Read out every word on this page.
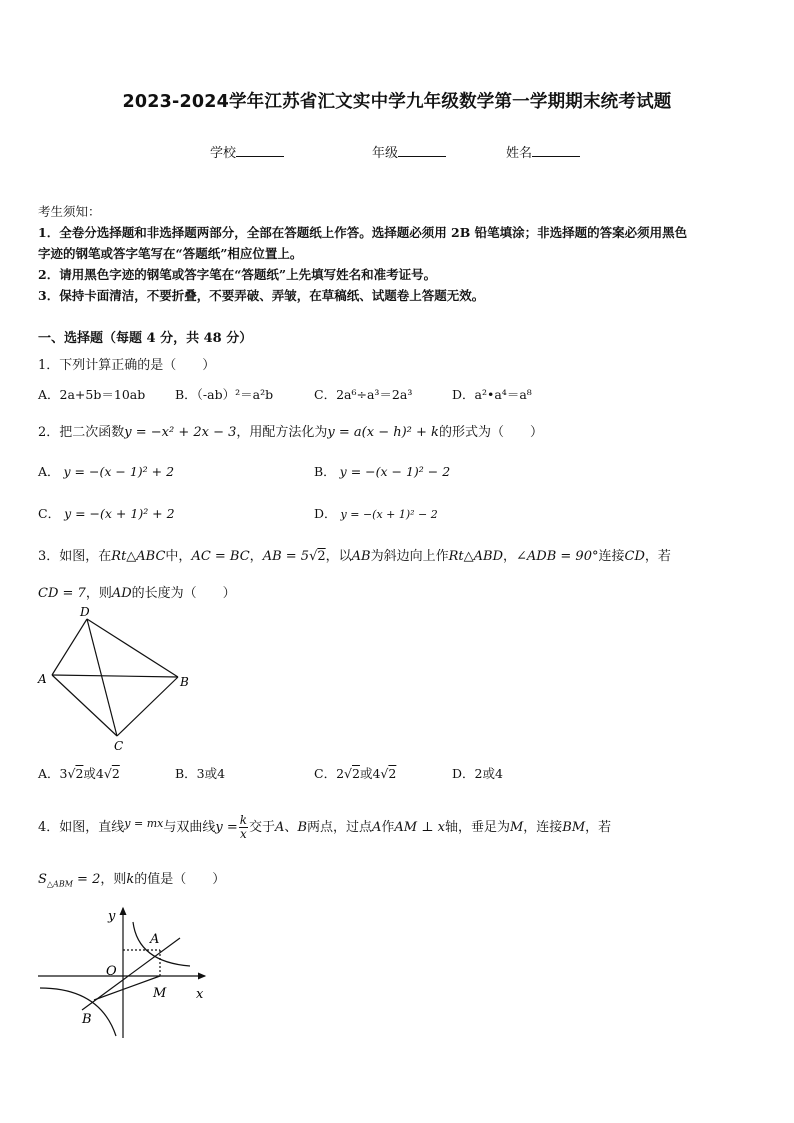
2023-2024学年江苏省汇文实中学九年级数学第一学期期末统考试题
学校	年级	姓名
考生须知：
1．全卷分选择题和非选择题两部分，全部在答题纸上作答。选择题必须用 2B 铅笔填涂；非选择题的答案必须用黑色
字迹的钢笔或答字笔写在“答题纸”相应位置上。
2．请用黑色字迹的钢笔或答字笔在“答题纸”上先填写姓名和准考证号。
3．保持卡面清洁，不要折叠，不要弄破、弄皱，在草稿纸、试题卷上答题无效。
一、选择题（每题 4 分，共 48 分）
1．下列计算正确的是（　　）
A．2a+5b＝10ab B．（-ab）²＝a²b	C．2a⁶÷a³＝2a³	D．a²•a⁴＝a⁸
2．把二次函数y = −x² + 2x − 3，用配方法化为y = a(x − h)² + k的形式为（　　）
A． y = −(x − 1)² + 2	B． y = −(x − 1)² − 2
C． y = −(x + 1)² + 2	D． y = −(x + 1)² − 2
3．如图，在Rt△ABC中，AC = BC，AB = 5√2，以AB为斜边向上作Rt△ABD，∠ADB = 90°连接CD，若
CD = 7，则AD的长度为（　　）
D
A	B
C
A．3√2或4√2	B．3或4	C．2√2或4√2	D．2或4
4．如图，直线$^{y = mx}$与双曲线$y = \frac{k}{x}$ 交于A、B两点，过点A作AM ⊥ x轴，垂足为M，连接BM，若
$S_{\triangle ABM} = 2$，则k的值是（　　）
y
x
O
A
M
B
